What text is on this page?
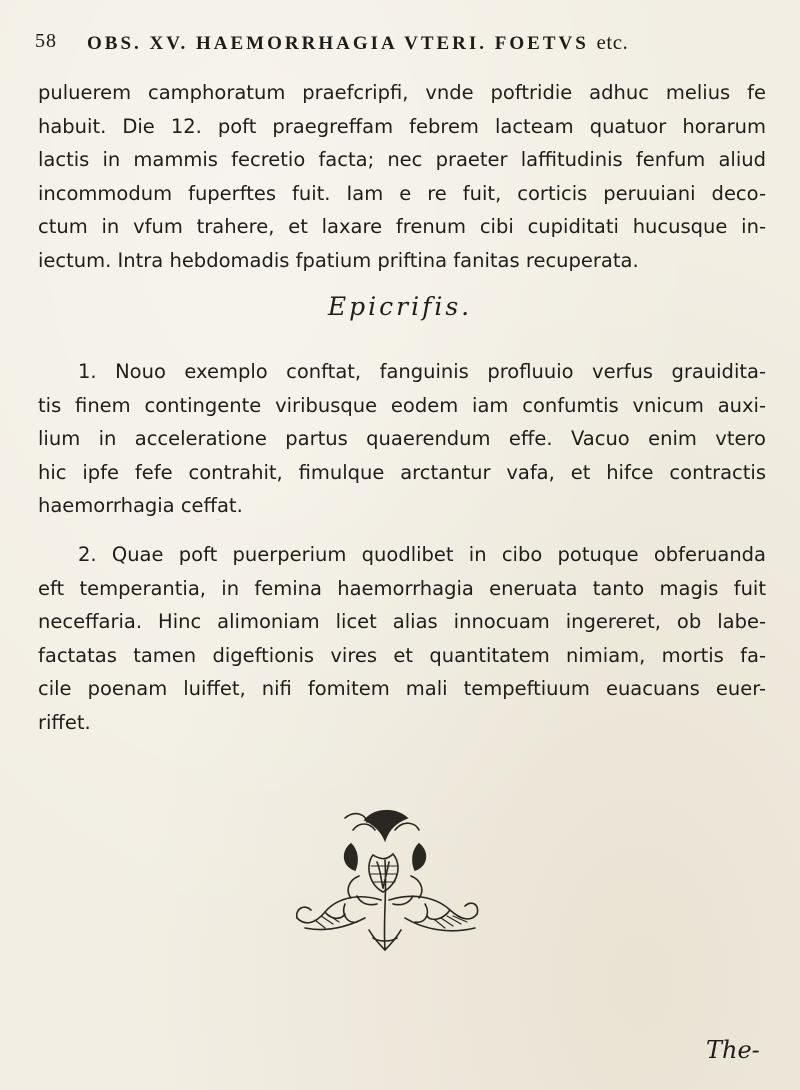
58 OBS. XV. HAEMORRHAGIA VTERI. FOETVS etc.
puluerem camphoratum praefcripfi, vnde poftridie adhuc melius fe
habuit. Die 12. poft praegreffam febrem lacteam quatuor horarum
lactis in mammis fecretio facta; nec praeter laffitudinis fenfum aliud
incommodum fuperftes fuit. Iam e re fuit, corticis peruuiani deco-
ctum in vfum trahere, et laxare frenum cibi cupiditati hucusque in-
iectum. Intra hebdomadis fpatium priftina fanitas recuperata.
Epicrifis.
1. Nouo exemplo conftat, fanguinis profluuio verfus grauidita-
tis finem contingente viribusque eodem iam confumtis vnicum auxi-
lium in acceleratione partus quaerendum effe. Vacuo enim vtero
hic ipfe fefe contrahit, fimulque arctantur vafa, et hifce contractis
haemorrhagia ceffat.
2. Quae poft puerperium quodlibet in cibo potuque obferuanda
eft temperantia, in femina haemorrhagia eneruata tanto magis fuit
neceffaria. Hinc alimoniam licet alias innocuam ingereret, ob labe-
factatas tamen digeftionis vires et quantitatem nimiam, mortis fa-
cile poenam luiffet, nifi fomitem mali tempeftiuum euacuans euer-
riffet.
The-
